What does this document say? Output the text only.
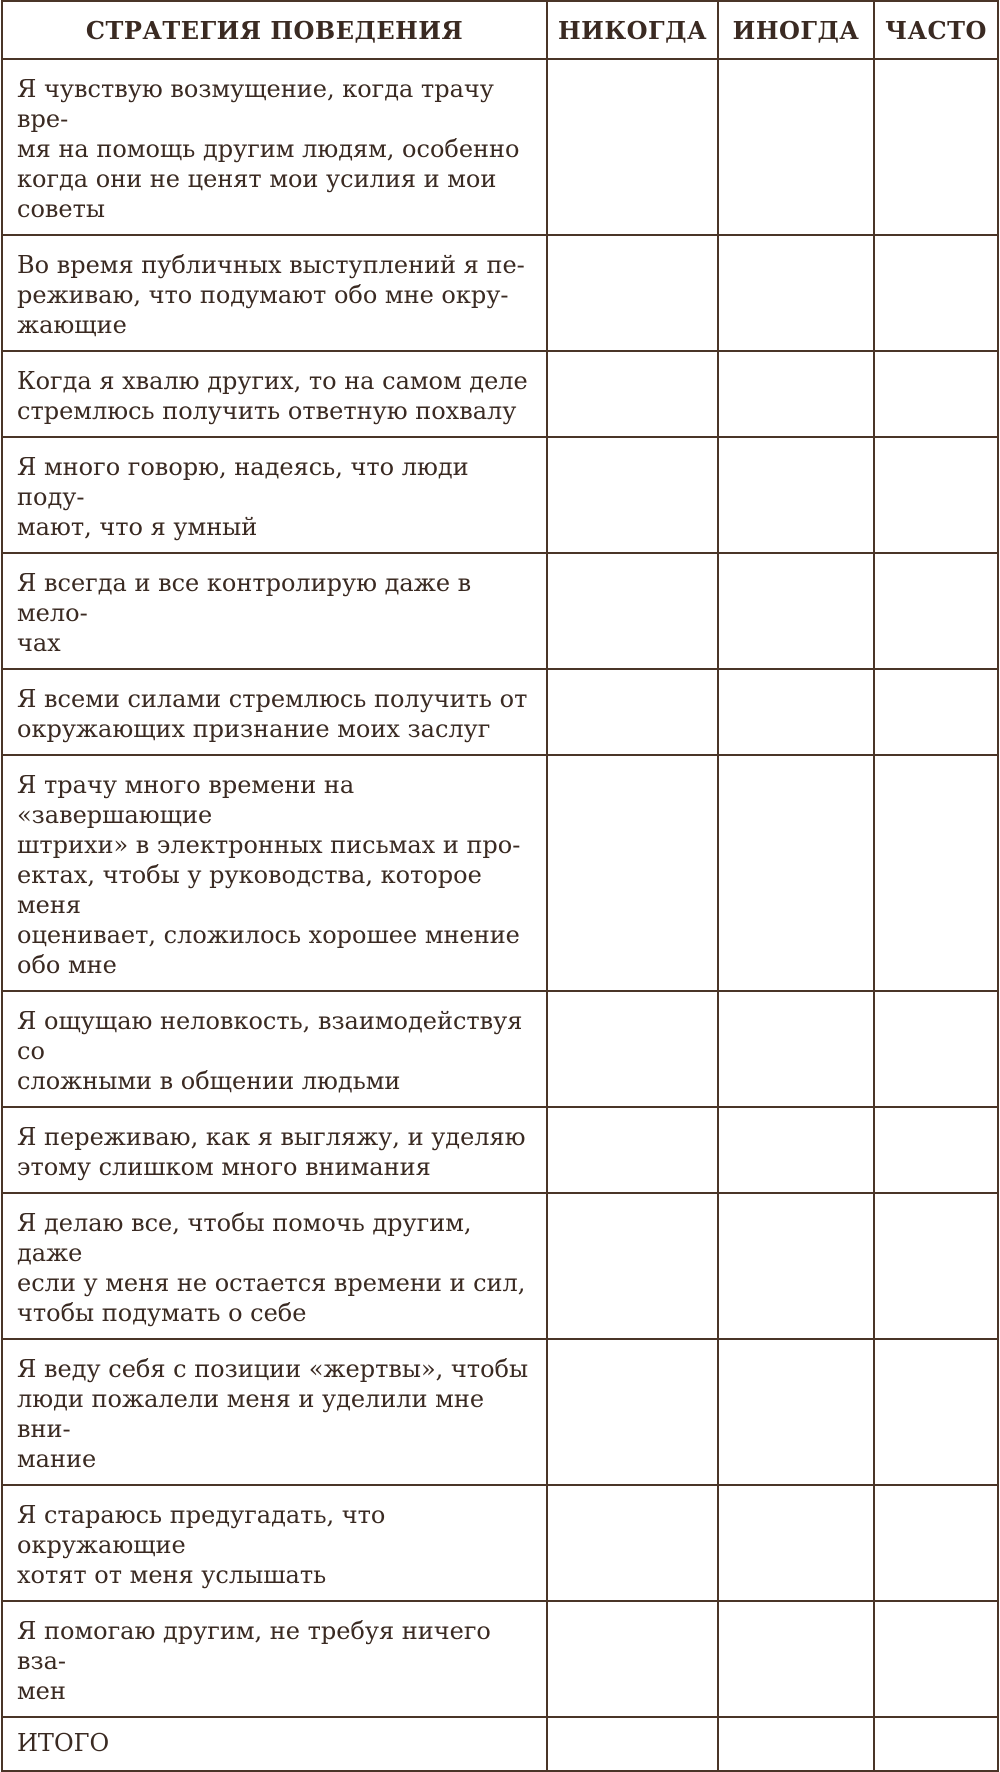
СТРАТЕГИЯ ПОВЕДЕНИЯ	НИКОГДА	ИНОГДА	ЧАСТО

Я чувствую возмущение, когда трачу вре-
мя на помощь другим людям, особенно
когда они не ценят мои усилия и мои
советы			

Во время публичных выступлений я пе-
реживаю, что подумают обо мне окру-
жающие			

Когда я хвалю других, то на самом деле
стремлюсь получить ответную похвалу			

Я много говорю, надеясь, что люди поду-
мают, что я умный			

Я всегда и все контролирую даже в мело-
чах			

Я всеми силами стремлюсь получить от
окружающих признание моих заслуг			

Я трачу много времени на «завершающие
штрихи» в электронных письмах и про-
ектах, чтобы у руководства, которое меня
оценивает, сложилось хорошее мнение
обо мне			

Я ощущаю неловкость, взаимодействуя со
сложными в общении людьми			

Я переживаю, как я выгляжу, и уделяю
этому слишком много внимания			

Я делаю все, чтобы помочь другим, даже
если у меня не остается времени и сил,
чтобы подумать о себе			

Я веду себя с позиции «жертвы», чтобы
люди пожалели меня и уделили мне вни-
мание			

Я стараюсь предугадать, что окружающие
хотят от меня услышать			

Я помогаю другим, не требуя ничего вза-
мен			

ИТОГО			
